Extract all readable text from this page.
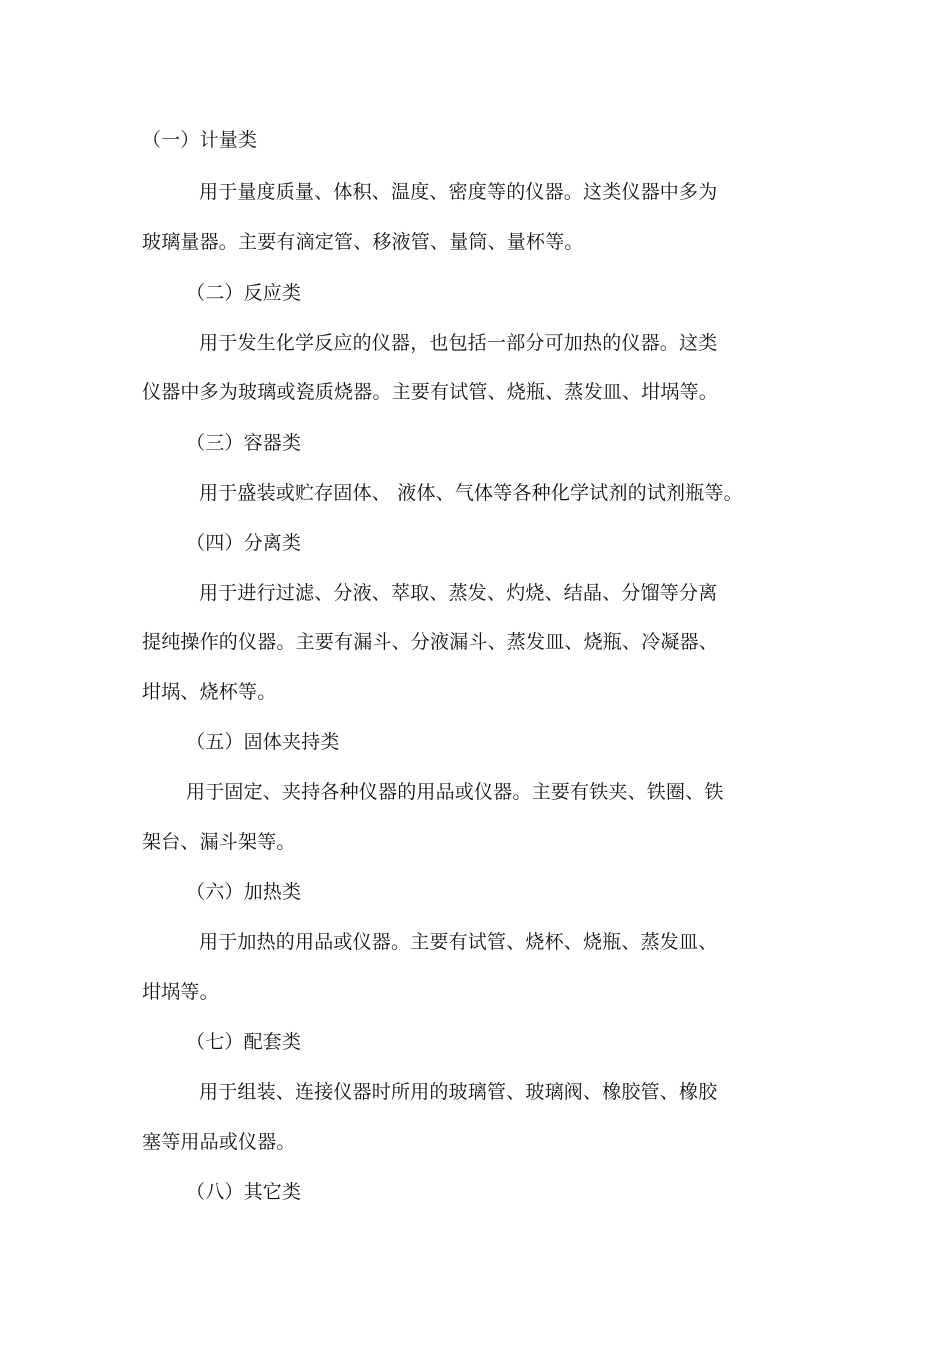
（一）计量类
用于量度质量、体积、温度、密度等的仪器。这类仪器中多为
玻璃量器。主要有滴定管、移液管、量筒、量杯等。
（二）反应类
用于发生化学反应的仪器，也包括一部分可加热的仪器。这类
仪器中多为玻璃或瓷质烧器。主要有试管、烧瓶、蒸发皿、坩埚等。
（三）容器类
用于盛装或贮存固体、 液体、气体等各种化学试剂的试剂瓶等。
（四）分离类
用于进行过滤、分液、萃取、蒸发、灼烧、结晶、分馏等分离
提纯操作的仪器。主要有漏斗、分液漏斗、蒸发皿、烧瓶、冷凝器、
坩埚、烧杯等。
（五）固体夹持类
用于固定、夹持各种仪器的用品或仪器。主要有铁夹、铁圈、铁
架台、漏斗架等。
（六）加热类
用于加热的用品或仪器。主要有试管、烧杯、烧瓶、蒸发皿、
坩埚等。
（七）配套类
用于组装、连接仪器时所用的玻璃管、玻璃阀、橡胶管、橡胶
塞等用品或仪器。
（八）其它类
